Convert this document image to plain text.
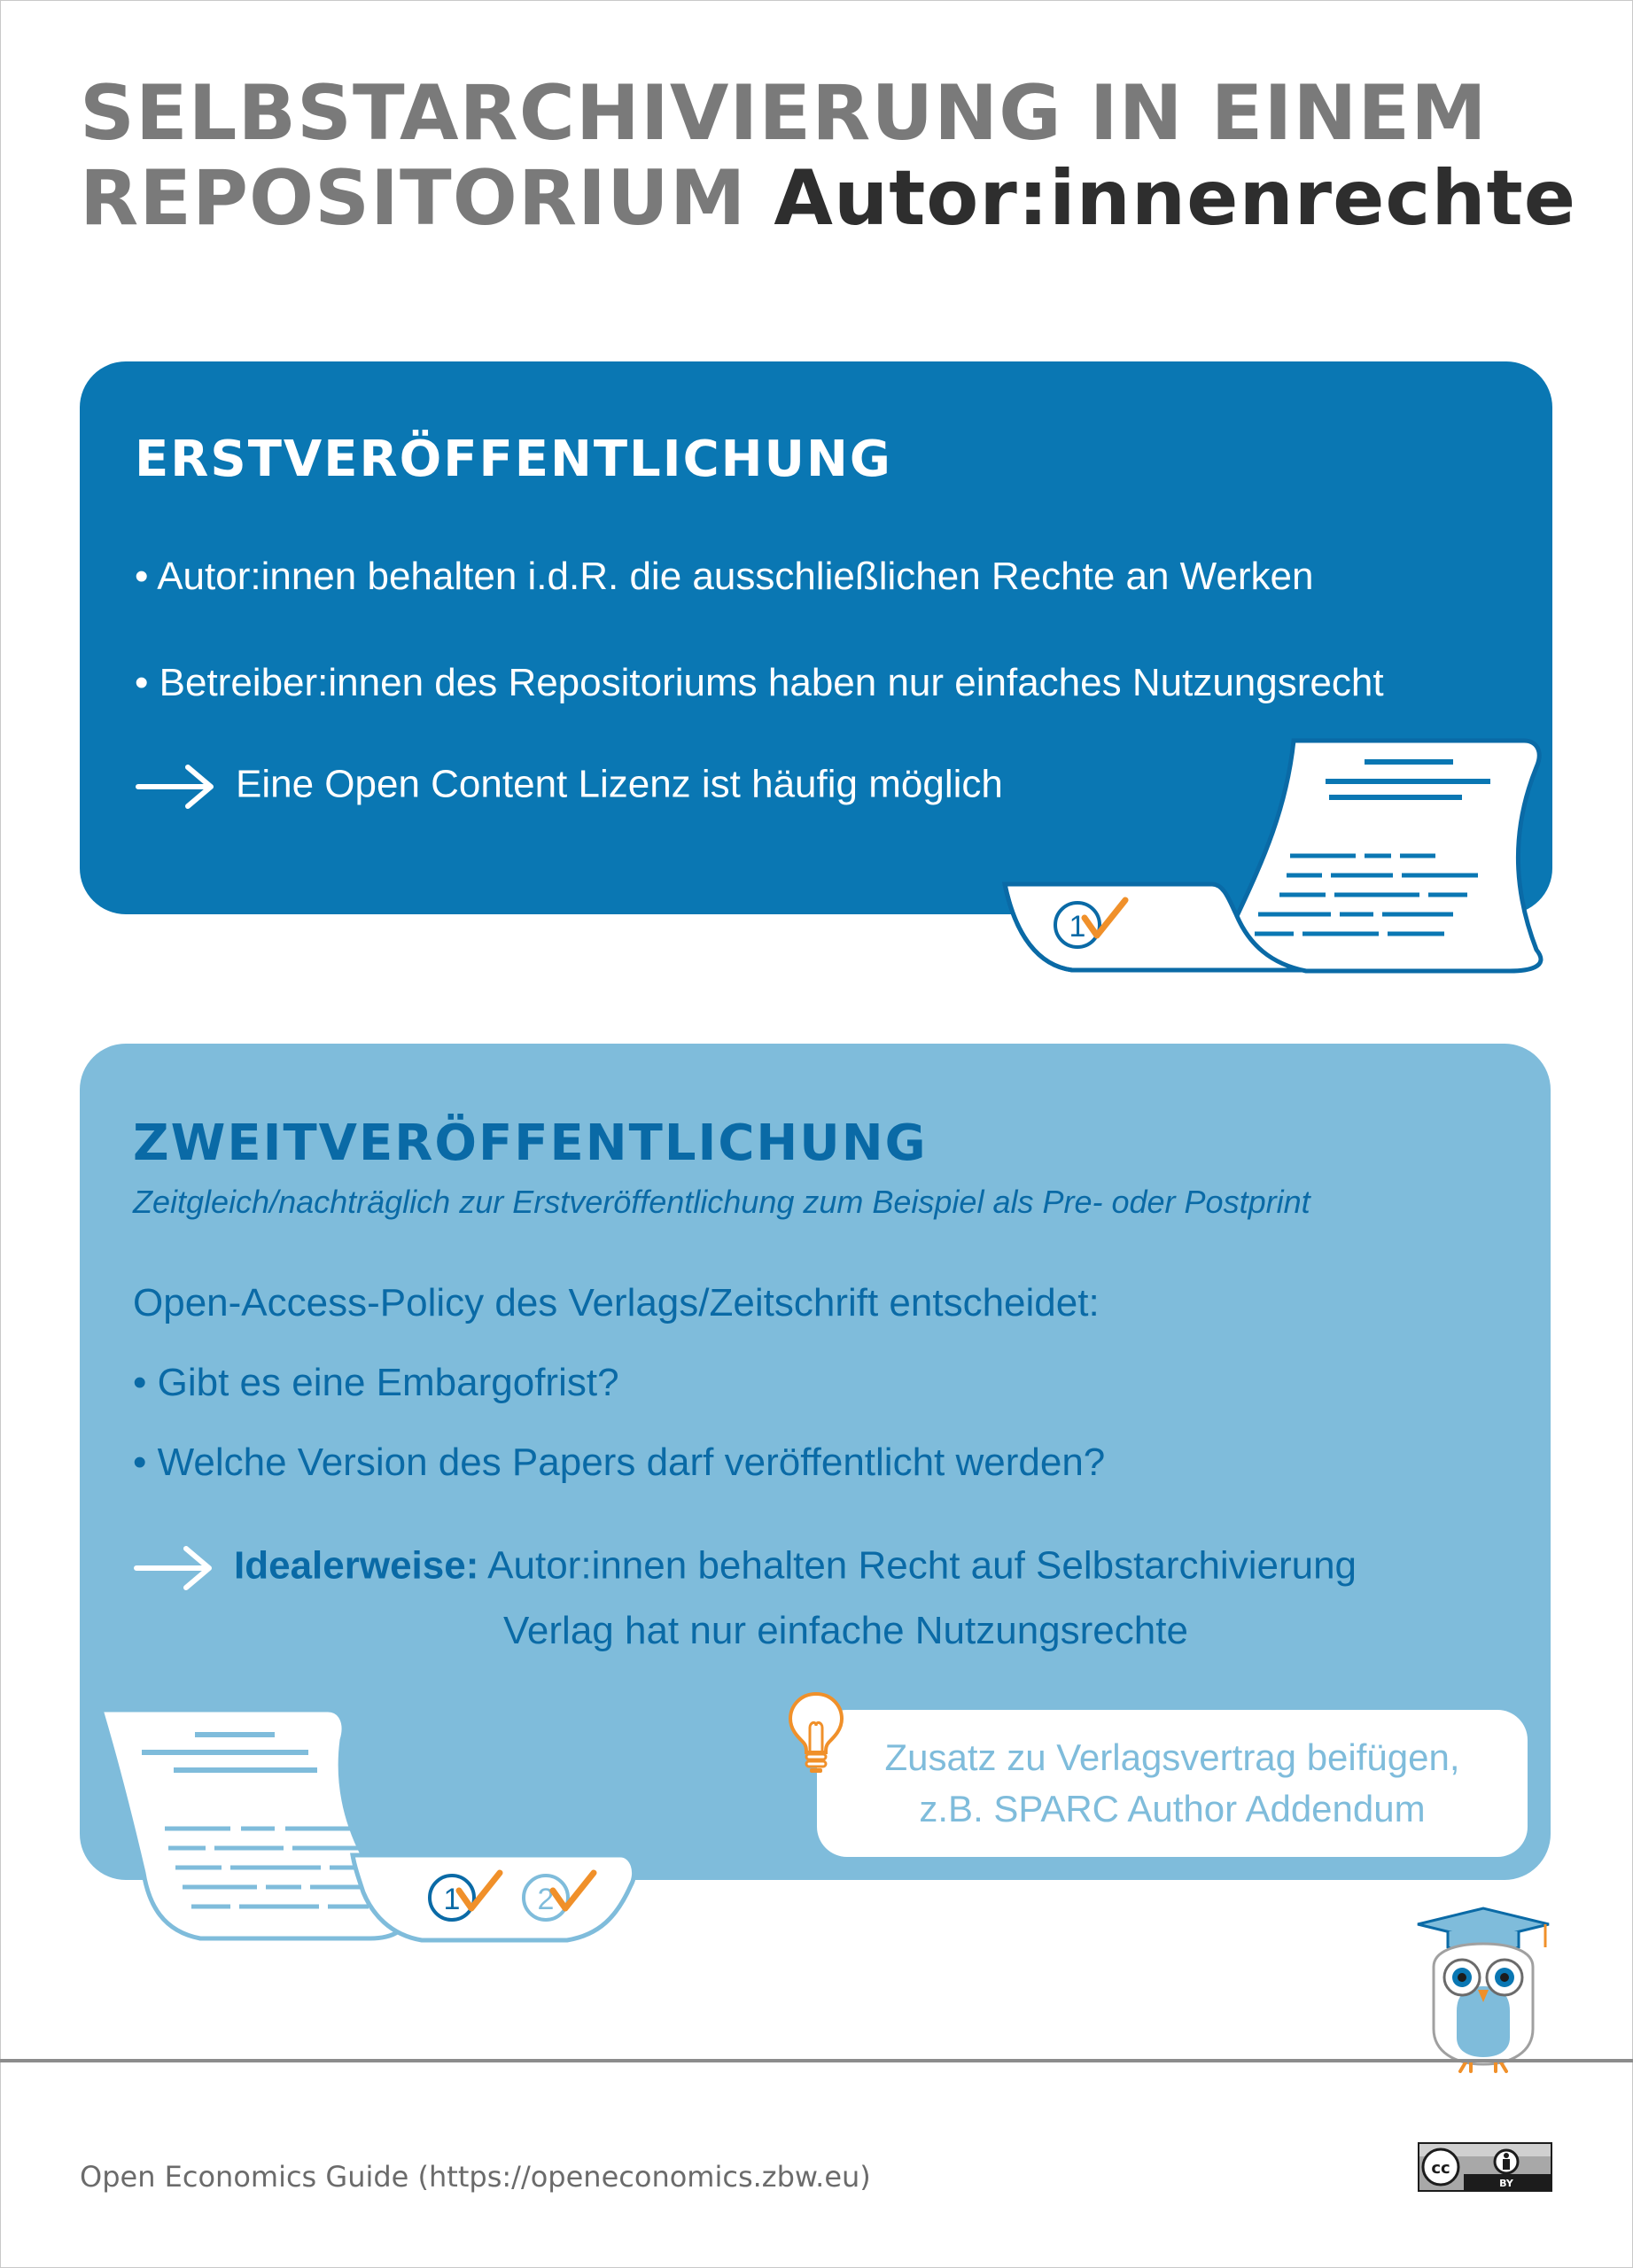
SELBSTARCHIVIERUNG IN EINEM
REPOSITORIUM Autor:innenrechte
ERSTVERÖFFENTLICHUNG
• Autor:innen behalten i.d.R. die ausschließlichen Rechte an Werken
• Betreiber:innen des Repositoriums haben nur einfaches Nutzungsrecht
Eine Open Content Lizenz ist häufig möglich
1
ZWEITVERÖFFENTLICHUNG
Zeitgleich/nachträglich zur Erstveröffentlichung zum Beispiel als Pre- oder Postprint
Open-Access-Policy des Verlags/Zeitschrift entscheidet:
• Gibt es eine Embargofrist?
• Welche Version des Papers darf veröffentlicht werden?
Idealerweise: Autor:innen behalten Recht auf Selbstarchivierung
Verlag hat nur einfache Nutzungsrechte
1	2
Zusatz zu Verlagsvertrag beifügen,
z.B. SPARC Author Addendum
Open Economics Guide (https://openeconomics.zbw.eu)	cc
BY
